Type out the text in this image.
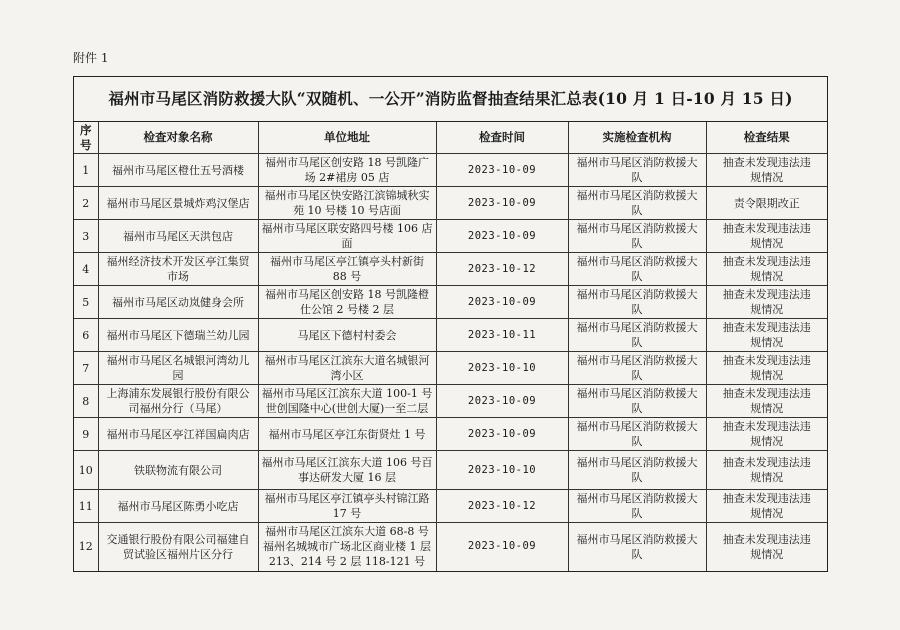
附件 1
福州市马尾区消防救援大队“双随机、一公开”消防监督抽查结果汇总表(10 月 1 日-10 月 15 日)
序号	检查对象名称	单位地址	检查时间	实施检查机构	检查结果
1	福州市马尾区橙仕五号酒楼	福州市马尾区创安路 18 号凯隆广场 2#裙房 05 店	2023-10-09	福州市马尾区消防救援大队	抽查未发现违法违规情况
2	福州市马尾区景城炸鸡汉堡店	福州市马尾区快安路江滨锦城秋实苑 10 号楼 10 号店面	2023-10-09	福州市马尾区消防救援大队	责令限期改正
3	福州市马尾区天洪包店	福州市马尾区联安路四号楼 106 店面	2023-10-09	福州市马尾区消防救援大队	抽查未发现违法违规情况
4	福州经济技术开发区亭江集贸市场	福州市马尾区亭江镇亭头村新街 88 号	2023-10-12	福州市马尾区消防救援大队	抽查未发现违法违规情况
5	福州市马尾区动岚健身会所	福州市马尾区创安路 18 号凯隆橙仕公馆 2 号楼 2 层	2023-10-09	福州市马尾区消防救援大队	抽查未发现违法违规情况
6	福州市马尾区下德瑞兰幼儿园	马尾区下德村村委会	2023-10-11	福州市马尾区消防救援大队	抽查未发现违法违规情况
7	福州市马尾区名城银河湾幼儿园	福州市马尾区江滨东大道名城银河湾小区	2023-10-10	福州市马尾区消防救援大队	抽查未发现违法违规情况
8	上海浦东发展银行股份有限公司福州分行（马尾）	福州市马尾区江滨东大道 100-1 号世创国隆中心(世创大厦)一至二层	2023-10-09	福州市马尾区消防救援大队	抽查未发现违法违规情况
9	福州市马尾区亭江祥国扁肉店	福州市马尾区亭江东街贤灶 1 号	2023-10-09	福州市马尾区消防救援大队	抽查未发现违法违规情况
10	铁联物流有限公司	福州市马尾区江滨东大道 106 号百事达研发大厦 16 层	2023-10-10	福州市马尾区消防救援大队	抽查未发现违法违规情况
11	福州市马尾区陈勇小吃店	福州市马尾区亭江镇亭头村锦江路 17 号	2023-10-12	福州市马尾区消防救援大队	抽查未发现违法违规情况
12	交通银行股份有限公司福建自贸试验区福州片区分行	福州市马尾区江滨东大道 68-8 号福州名城城市广场北区商业楼 1 层 213、214 号 2 层 118-121 号	2023-10-09	福州市马尾区消防救援大队	抽查未发现违法违规情况
